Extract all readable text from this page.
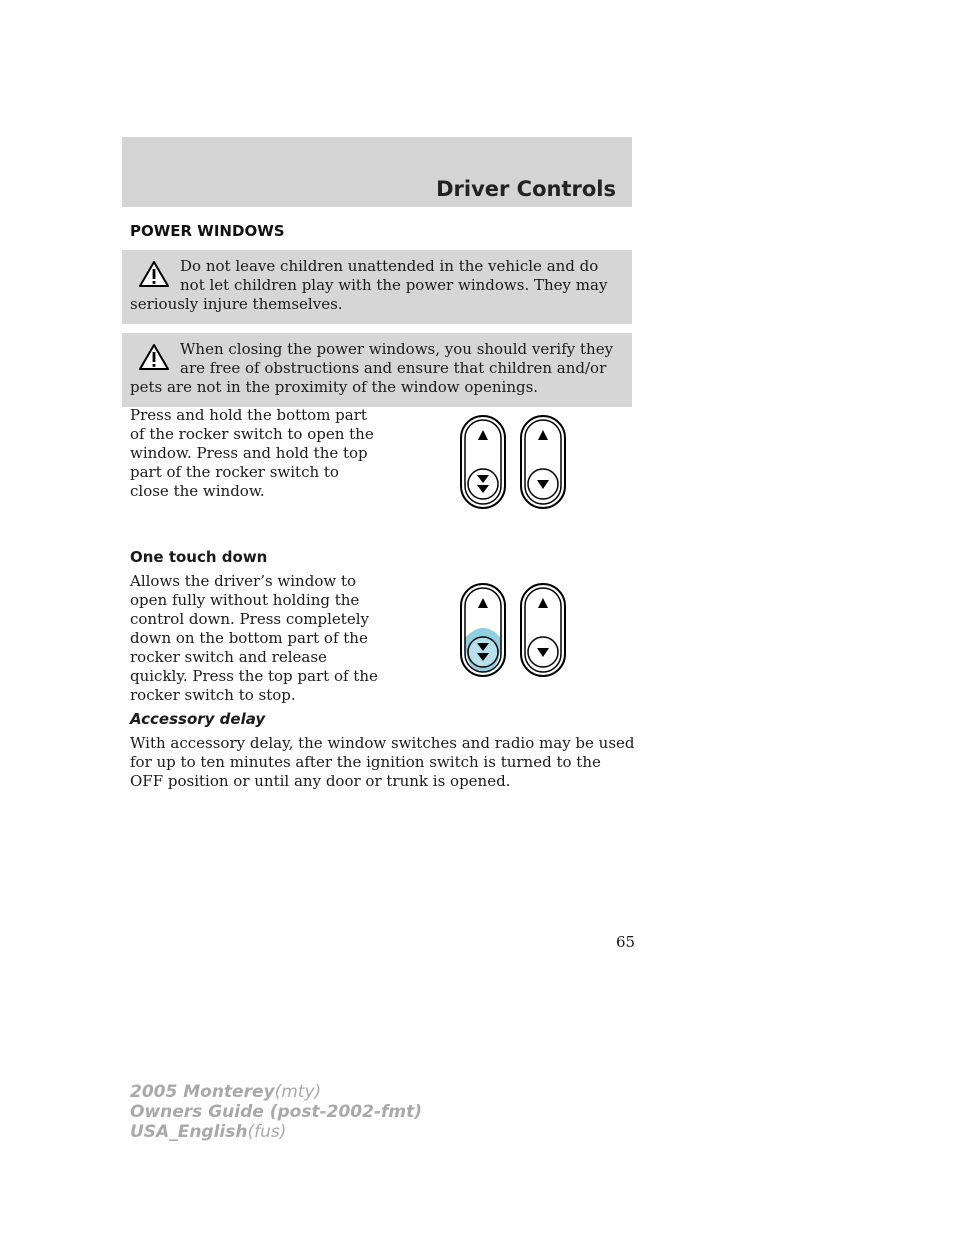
Driver Controls
POWER WINDOWS
Do not leave children unattended in the vehicle and do not let children play with the power windows. They may seriously injure themselves.
When closing the power windows, you should verify they are free of obstructions and ensure that children and/or pets are not in the proximity of the window openings.
Press and hold the bottom part of the rocker switch to open the window. Press and hold the top part of the rocker switch to close the window.
One touch down
Allows the driver’s window to open fully without holding the control down. Press completely down on the bottom part of the rocker switch and release quickly. Press the top part of the rocker switch to stop.
Accessory delay
With accessory delay, the window switches and radio may be used for up to ten minutes after the ignition switch is turned to the OFF position or until any door or trunk is opened.
65
2005 Monterey(mty)
Owners Guide (post-2002-fmt)
USA_English(fus)
